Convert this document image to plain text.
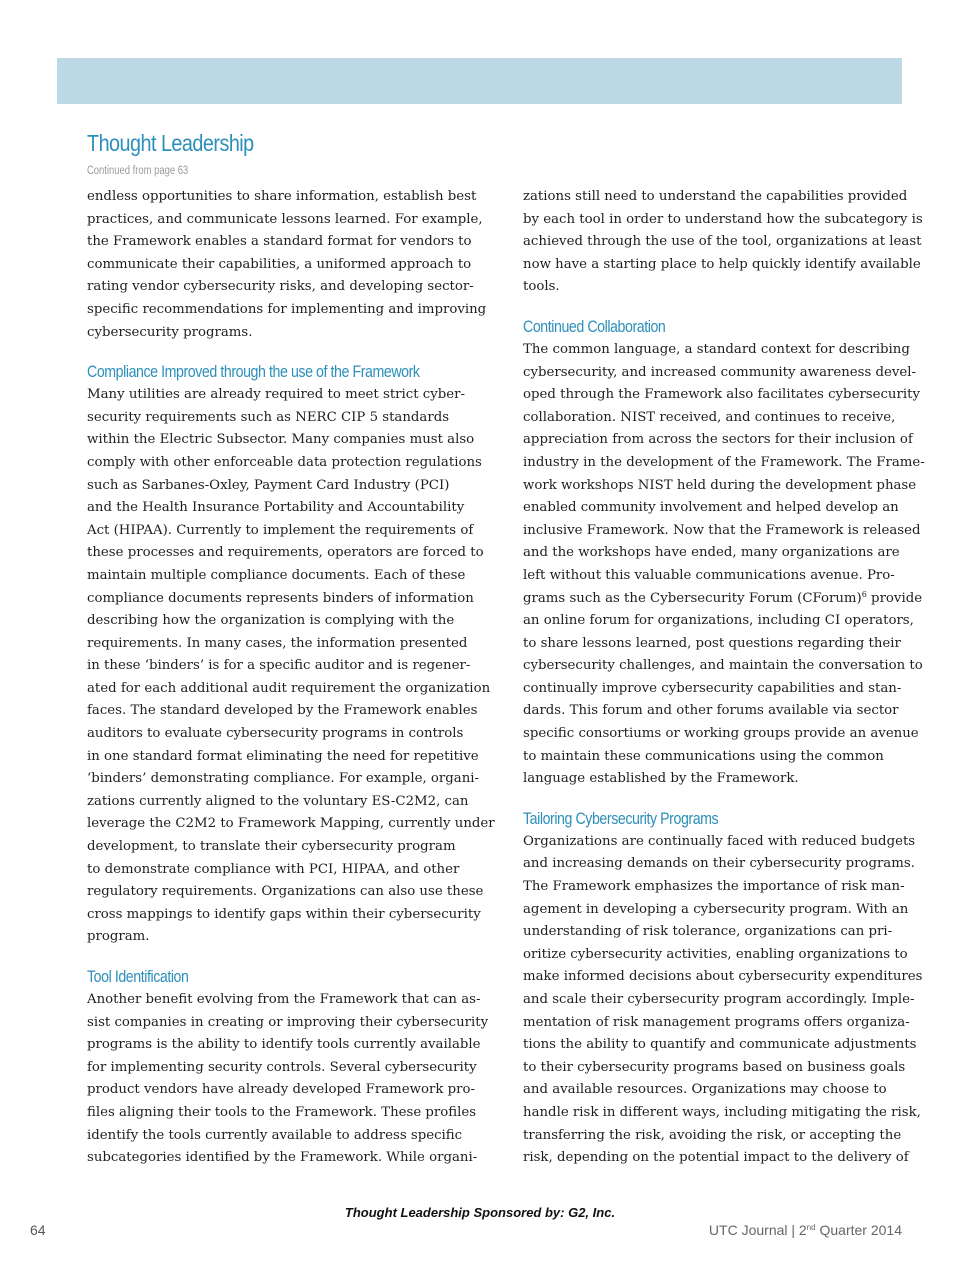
Thought Leadership
Continued from page 63
endless opportunities to share information, establish best
practices, and communicate lessons learned. For example,
the Framework enables a standard format for vendors to
communicate their capabilities, a uniformed approach to
rating vendor cybersecurity risks, and developing sector-
specific recommendations for implementing and improving
cybersecurity programs.
Compliance Improved through the use of the Framework
Many utilities are already required to meet strict cyber-
security requirements such as NERC CIP 5 standards
within the Electric Subsector. Many companies must also
comply with other enforceable data protection regulations
such as Sarbanes-Oxley, Payment Card Industry (PCI)
and the Health Insurance Portability and Accountability
Act (HIPAA). Currently to implement the requirements of
these processes and requirements, operators are forced to
maintain multiple compliance documents. Each of these
compliance documents represents binders of information
describing how the organization is complying with the
requirements. In many cases, the information presented
in these ‘binders’ is for a specific auditor and is regener-
ated for each additional audit requirement the organization
faces. The standard developed by the Framework enables
auditors to evaluate cybersecurity programs in controls
in one standard format eliminating the need for repetitive
‘binders’ demonstrating compliance. For example, organi-
zations currently aligned to the voluntary ES-C2M2, can
leverage the C2M2 to Framework Mapping, currently under
development, to translate their cybersecurity program
to demonstrate compliance with PCI, HIPAA, and other
regulatory requirements. Organizations can also use these
cross mappings to identify gaps within their cybersecurity
program.
Tool Identification
Another benefit evolving from the Framework that can as-
sist companies in creating or improving their cybersecurity
programs is the ability to identify tools currently available
for implementing security controls. Several cybersecurity
product vendors have already developed Framework pro-
files aligning their tools to the Framework. These profiles
identify the tools currently available to address specific
subcategories identified by the Framework. While organi-
zations still need to understand the capabilities provided
by each tool in order to understand how the subcategory is
achieved through the use of the tool, organizations at least
now have a starting place to help quickly identify available
tools.
Continued Collaboration
The common language, a standard context for describing
cybersecurity, and increased community awareness devel-
oped through the Framework also facilitates cybersecurity
collaboration. NIST received, and continues to receive,
appreciation from across the sectors for their inclusion of
industry in the development of the Framework. The Frame-
work workshops NIST held during the development phase
enabled community involvement and helped develop an
inclusive Framework. Now that the Framework is released
and the workshops have ended, many organizations are
left without this valuable communications avenue. Pro-
grams such as the Cybersecurity Forum (CForum)$^6$ provide
an online forum for organizations, including CI operators,
to share lessons learned, post questions regarding their
cybersecurity challenges, and maintain the conversation to
continually improve cybersecurity capabilities and stan-
dards. This forum and other forums available via sector
specific consortiums or working groups provide an avenue
to maintain these communications using the common
language established by the Framework.
Tailoring Cybersecurity Programs
Organizations are continually faced with reduced budgets
and increasing demands on their cybersecurity programs.
The Framework emphasizes the importance of risk man-
agement in developing a cybersecurity program. With an
understanding of risk tolerance, organizations can pri-
oritize cybersecurity activities, enabling organizations to
make informed decisions about cybersecurity expenditures
and scale their cybersecurity program accordingly. Imple-
mentation of risk management programs offers organiza-
tions the ability to quantify and communicate adjustments
to their cybersecurity programs based on business goals
and available resources. Organizations may choose to
handle risk in different ways, including mitigating the risk,
transferring the risk, avoiding the risk, or accepting the
risk, depending on the potential impact to the delivery of
Thought Leadership Sponsored by: G2, Inc.
64	UTC Journal | 2nd Quarter 2014
